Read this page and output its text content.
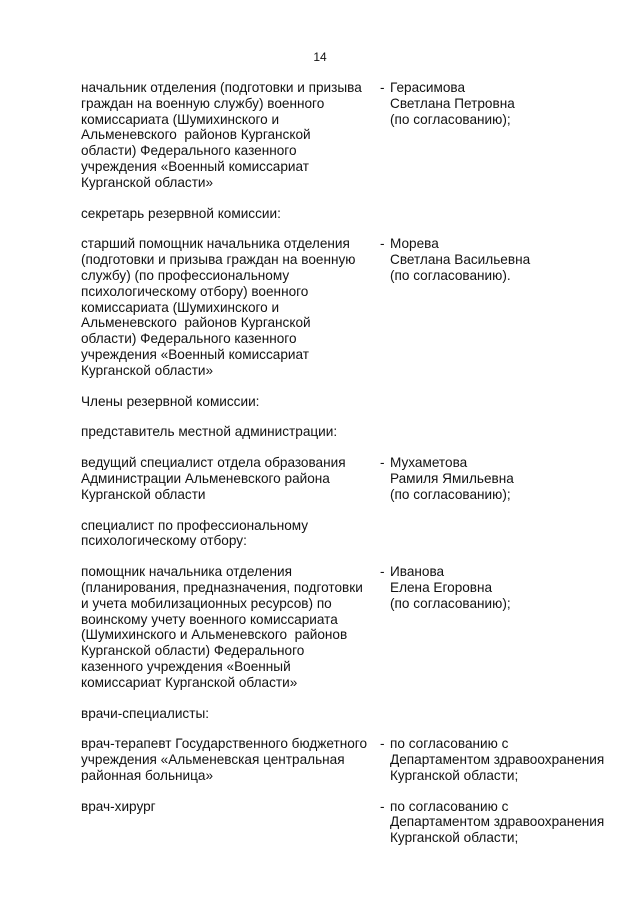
14
начальник отделения (подготовки и призыва
граждан на военную службу) военного
комиссариата (Шумихинского и
Альменевского  районов Курганской
области) Федерального казенного
учреждения «Военный комиссариат
Курганской области»
- Герасимова
Светлана Петровна
(по согласованию);
секретарь резервной комиссии:
старший помощник начальника отделения
(подготовки и призыва граждан на военную
службу) (по профессиональному
психологическому отбору) военного
комиссариата (Шумихинского и
Альменевского  районов Курганской
области) Федерального казенного
учреждения «Военный комиссариат
Курганской области»
- Морева
Светлана Васильевна
(по согласованию).
Члены резервной комиссии:
представитель местной администрации:
ведущий специалист отдела образования
Администрации Альменевского района
Курганской области
- Мухаметова
Рамиля Ямильевна
(по согласованию);
специалист по профессиональному
психологическому отбору:
помощник начальника отделения
(планирования, предназначения, подготовки
и учета мобилизационных ресурсов) по
воинскому учету военного комиссариата
(Шумихинского и Альменевского  районов
Курганской области) Федерального
казенного учреждения «Военный
комиссариат Курганской области»
- Иванова
Елена Егоровна
(по согласованию);
врачи-специалисты:
врач-терапевт Государственного бюджетного
учреждения «Альменевская центральная
районная больница»
- по согласованию с
Департаментом здравоохранения
Курганской области;
врач-хирург	- по согласованию с
Департаментом здравоохранения
Курганской области;
